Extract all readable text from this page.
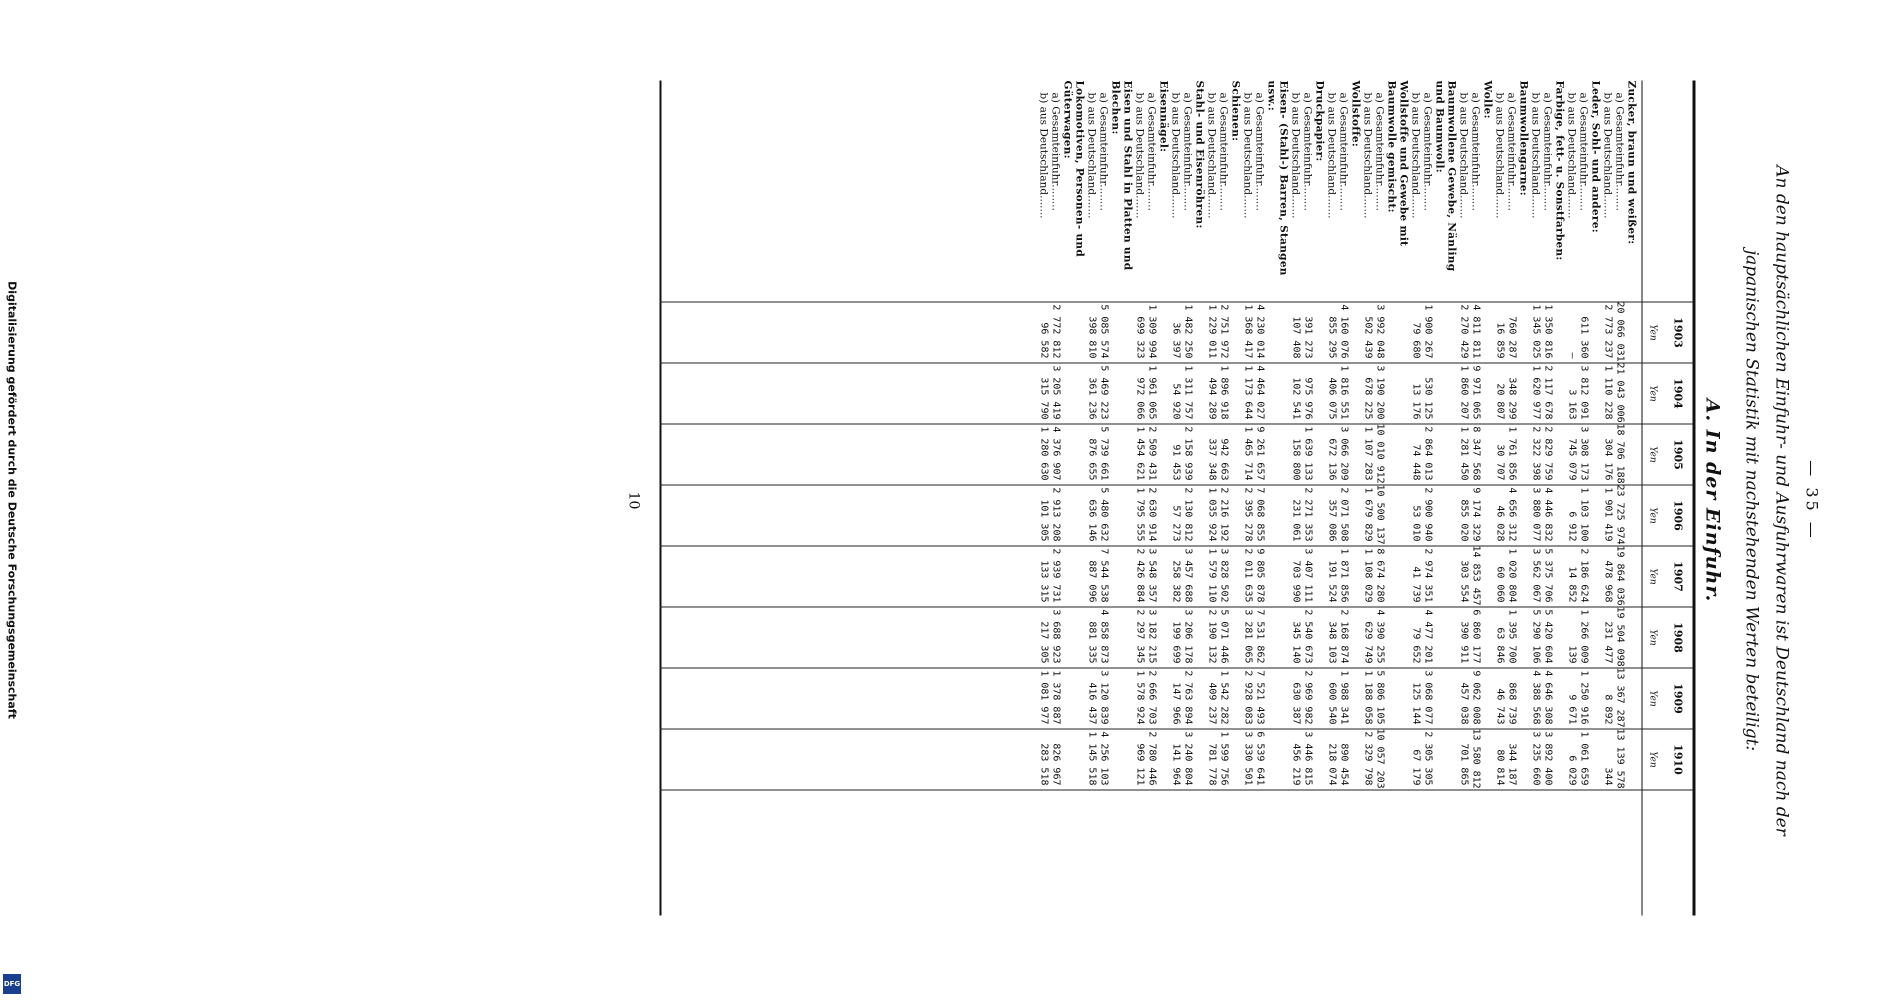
— 35 —
An den hauptsächlichen Einfuhr- und Ausfuhrwaren ist Deutschland nach der
japanischen Statistik mit nachstehenden Werten beteiligt:
A. In der Einfuhr.
1903
Yen
1904
Yen
1905
Yen
1906
Yen
1907
Yen
1908
Yen
1909
Yen
1910
Yen
Zucker, braun und weißer:
a) Gesamteinfuhr........
20 066 031
21 043 006
18 706 188
23 725 974
19 864 036
19 504 098
13 367 287
13 139 578
b) aus Deutschland.......
2 773 237
1 110 228
304 176
1 901 419
478 968
231 477
8 892
344
Leder, Sohl- und andere:
a) Gesamteinfuhr........
611 360
3 812 091
3 308 173
1 103 100
2 186 624
1 266 009
1 250 916
1 061 659
b) aus Deutschland.......
—
3 163
745 079
6 912
14 852
139
9 671
6 029
Farbige, fett- u. Sonstfarben:
a) Gesamteinfuhr........
1 350 816
2 117 678
2 829 759
4 446 832
5 375 706
5 420 604
4 646 308
3 892 400
b) aus Deutschland.......
1 345 025
1 620 977
2 322 398
3 880 077
3 562 067
5 290 106
4 388 568
3 235 660
Baumwollengarne:
a) Gesamteinfuhr........
760 287
348 299
1 761 856
4 656 312
1 020 804
1 395 700
868 739
344 187
b) aus Deutschland.......
16 859
20 807
30 707
46 028
60 060
63 846
46 743
80 814
Wolle:
a) Gesamteinfuhr........
4 811 811
9 971 065
8 347 568
9 174 329
14 853 457
6 860 177
9 062 008
13 580 812
b) aus Deutschland.......
2 270 429
1 860 207
1 281 450
855 020
303 554
390 911
457 038
701 865
Baumwollene Gewebe, Nänling und Baumwoll:
a) Gesamteinfuhr........
1 900 267
530 125
2 864 013
2 900 940
2 974 351
4 477 201
3 068 077
2 305 305
b) aus Deutschland.......
79 680
13 176
74 448
53 010
41 739
79 652
125 144
67 179
Wollstoffe und Gewebe mit Baumwolle gemischt:
a) Gesamteinfuhr........
3 992 048
3 190 200
10 010 912
10 500 137
8 674 280
4 390 255
5 806 105
10 057 203
b) aus Deutschland.......
502 439
678 225
1 107 283
1 679 829
1 108 029
629 749
1 188 058
2 329 798
Wollstoffe:
a) Gesamteinfuhr........
4 160 076
1 816 551
3 066 209
2 071 508
1 871 856
2 168 874
1 988 341
890 454
b) aus Deutschland.......
855 295
406 075
672 136
357 086
191 524
348 103
600 540
218 074
Druckpapier:
a) Gesamteinfuhr........
391 273
975 976
1 639 133
2 271 353
3 407 111
2 540 673
2 969 982
3 446 815
b) aus Deutschland.......
107 408
102 541
158 800
231 061
703 990
345 140
630 387
456 219
Eisen- (Stahl-) Barren, Stangen usw.:
a) Gesamteinfuhr........
4 230 014
4 464 027
9 261 657
7 068 855
9 805 878
7 531 862
7 521 493
6 539 641
b) aus Deutschland.......
1 368 417
1 173 644
1 465 714
2 395 278
2 011 635
3 281 065
2 928 083
3 330 501
Schienen:
a) Gesamteinfuhr........
2 751 972
1 896 918
942 663
2 216 192
3 828 502
5 071 446
1 542 282
1 599 756
b) aus Deutschland.......
1 229 011
494 289
337 348
1 035 924
1 579 110
2 190 132
409 237
781 778
Stahl- und Eisenröhren:
a) Gesamteinfuhr........
1 482 250
1 311 757
2 158 939
2 130 812
3 457 688
3 206 178
2 763 894
3 240 804
b) aus Deutschland.......
36 397
54 920
91 453
57 273
258 382
199 699
147 966
141 964
Eisennägel:
a) Gesamteinfuhr........
1 309 994
1 961 065
2 509 431
2 630 914
3 548 357
3 182 215
2 666 703
2 780 446
b) aus Deutschland.......
699 323
972 066
1 454 621
1 795 555
2 426 884
2 297 345
1 578 924
969 121
Eisen und Stahl in Platten und Blechen:
a) Gesamteinfuhr........
5 085 574
5 469 223
5 739 661
5 480 632
7 544 538
4 858 873
3 120 839
4 256 103
b) aus Deutschland.......
398 810
361 236
876 655
636 146
887 096
881 335
416 437
1 145 518
Lokomotiven, Personen- und Güterwagen:
a) Gesamteinfuhr........
2 772 812
3 205 419
4 376 907
2 913 208
2 939 731
3 688 923
1 378 887
826 967
b) aus Deutschland.......
96 582
315 790
1 280 630
101 305
133 315
217 305
1 081 977
283 518
10
Digitalisierung gefördert durch die Deutsche Forschungsgemeinschaft
DFG
